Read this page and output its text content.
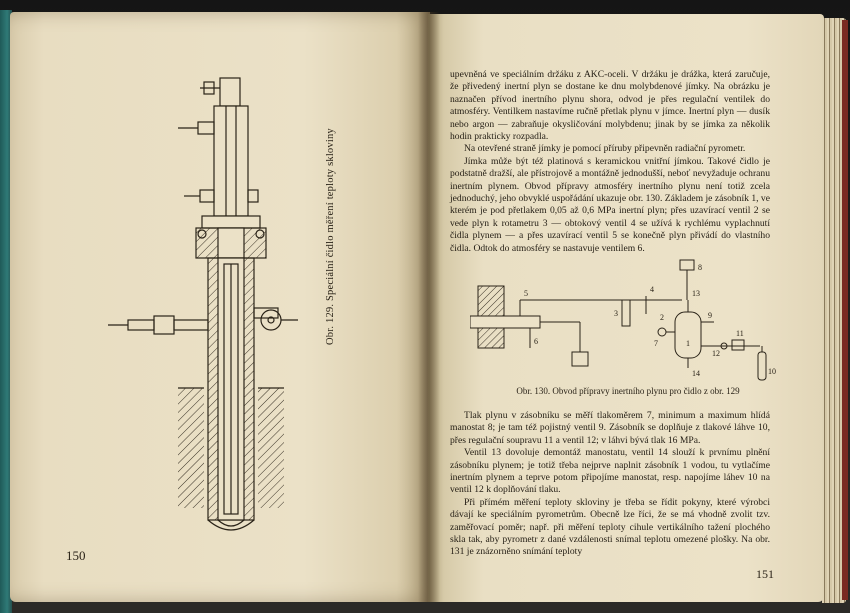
Obr. 129. Speciální čidlo měření teploty skloviny
150

upevněná ve speciálním držáku z AKC-oceli. V držáku je drážka, která zaručuje, že přivedený inertní plyn se dostane ke dnu molybdenové jímky. Na obrázku je naznačen přívod inertního plynu shora, odvod je přes regulační ventilek do atmosféry. Ventilkem nastavíme ručně přetlak plynu v jímce. Inertní plyn — dusík nebo argon — zabraňuje okysličování molybdenu; jinak by se jímka za několik hodin prakticky rozpadla.

Na otevřené straně jímky je pomocí příruby připevněn radiační pyrometr.

Jímka může být též platinová s keramickou vnitřní jímkou. Takové čidlo je podstatně dražší, ale přístrojově a montážně jednodušší, neboť nevyžaduje ochranu inertním plynem. Obvod přípravy atmosféry inertního plynu není totiž zcela jednoduchý, jeho obvyklé uspořádání ukazuje obr. 130. Základem je zásobník 1, ve kterém je pod přetlakem 0,05 až 0,6 MPa inertní plyn; přes uzavírací ventil 2 se vede plyn k rotametru 3 — obtokový ventil 4 se užívá k rychlému vyplachnutí čidla plynem — a přes uzavírací ventil 5 se konečně plyn přivádí do vlastního čidla. Odtok do atmosféry se nastavuje ventilem 6.

1
2
3
4
5
6	7
8
9
10
11
12
13
14
Obr. 130. Obvod přípravy inertního plynu pro čidlo z obr. 129

Tlak plynu v zásobníku se měří tlakoměrem 7, minimum a maximum hlídá manostat 8; je tam též pojistný ventil 9. Zásobník se doplňuje z tlakové láhve 10, přes regulační soupravu 11 a ventil 12; v láhvi bývá tlak 16 MPa.

Ventil 13 dovoluje demontáž manostatu, ventil 14 slouží k prvnímu plnění zásobníku plynem; je totiž třeba nejprve naplnit zásobník 1 vodou, tu vytlačíme inertním plynem a teprve potom připojíme manostat, resp. napojíme láhev 10 na ventil 12 k doplňování tlaku.

Při přímém měření teploty skloviny je třeba se řídit pokyny, které výrobci dávají ke speciálním pyrometrům. Obecně lze říci, že se má vhodně zvolit tzv. zaměřovací poměr; např. při měření teploty cihule vertikálního tažení plochého skla tak, aby pyrometr z dané vzdálenosti snímal teplotu omezené plošky. Na obr. 131 je znázorněno snímání teploty

151
